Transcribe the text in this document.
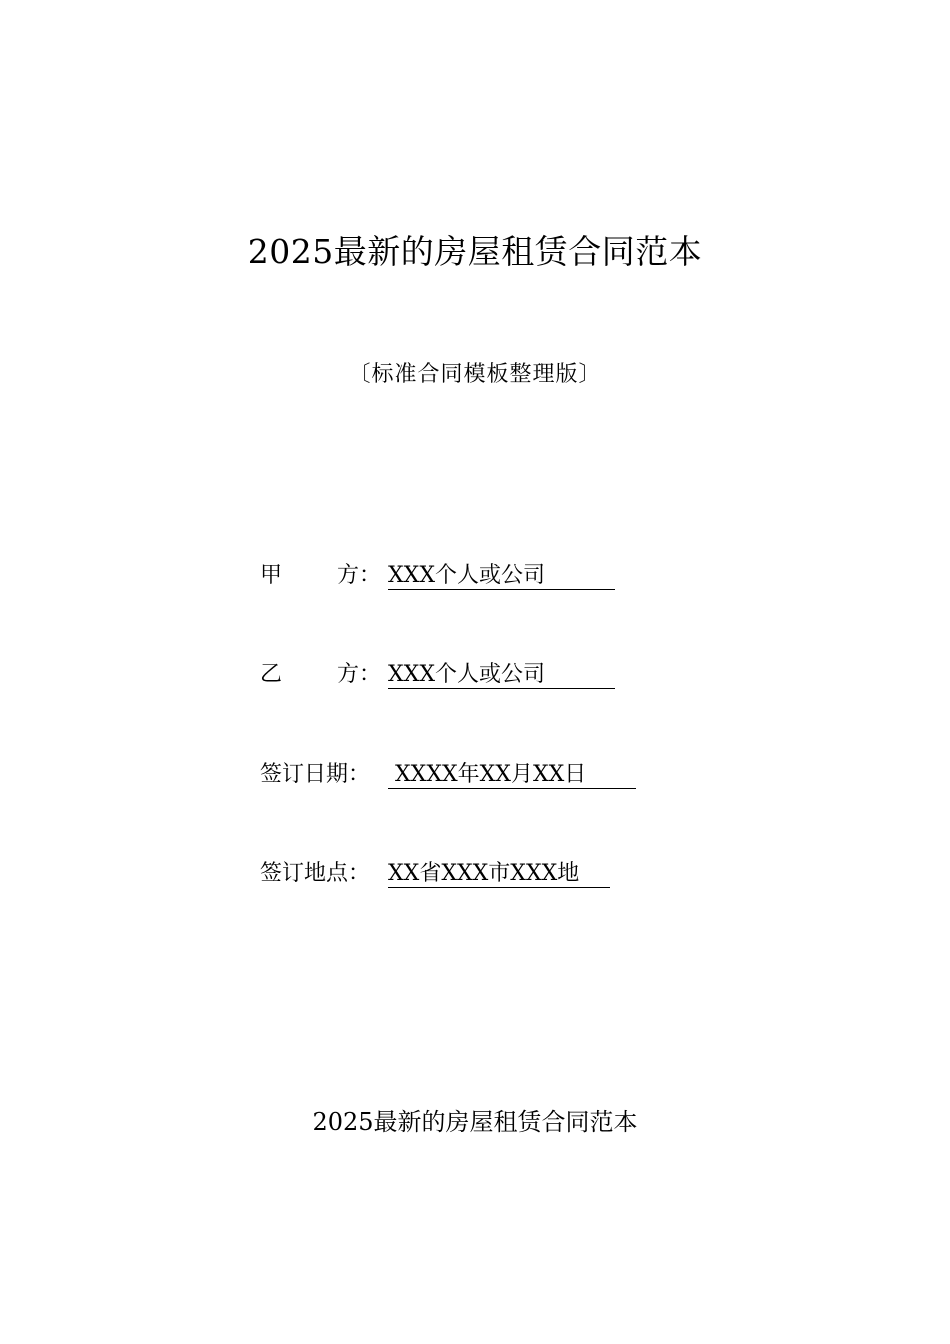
2025最新的房屋租赁合同范本
〔标准合同模板整理版〕
甲 方： XXX个人或公司
乙 方： XXX个人或公司
签订日期： XXXX年XX月XX日
签订地点： XX省XXX市XXX地
2025最新的房屋租赁合同范本
